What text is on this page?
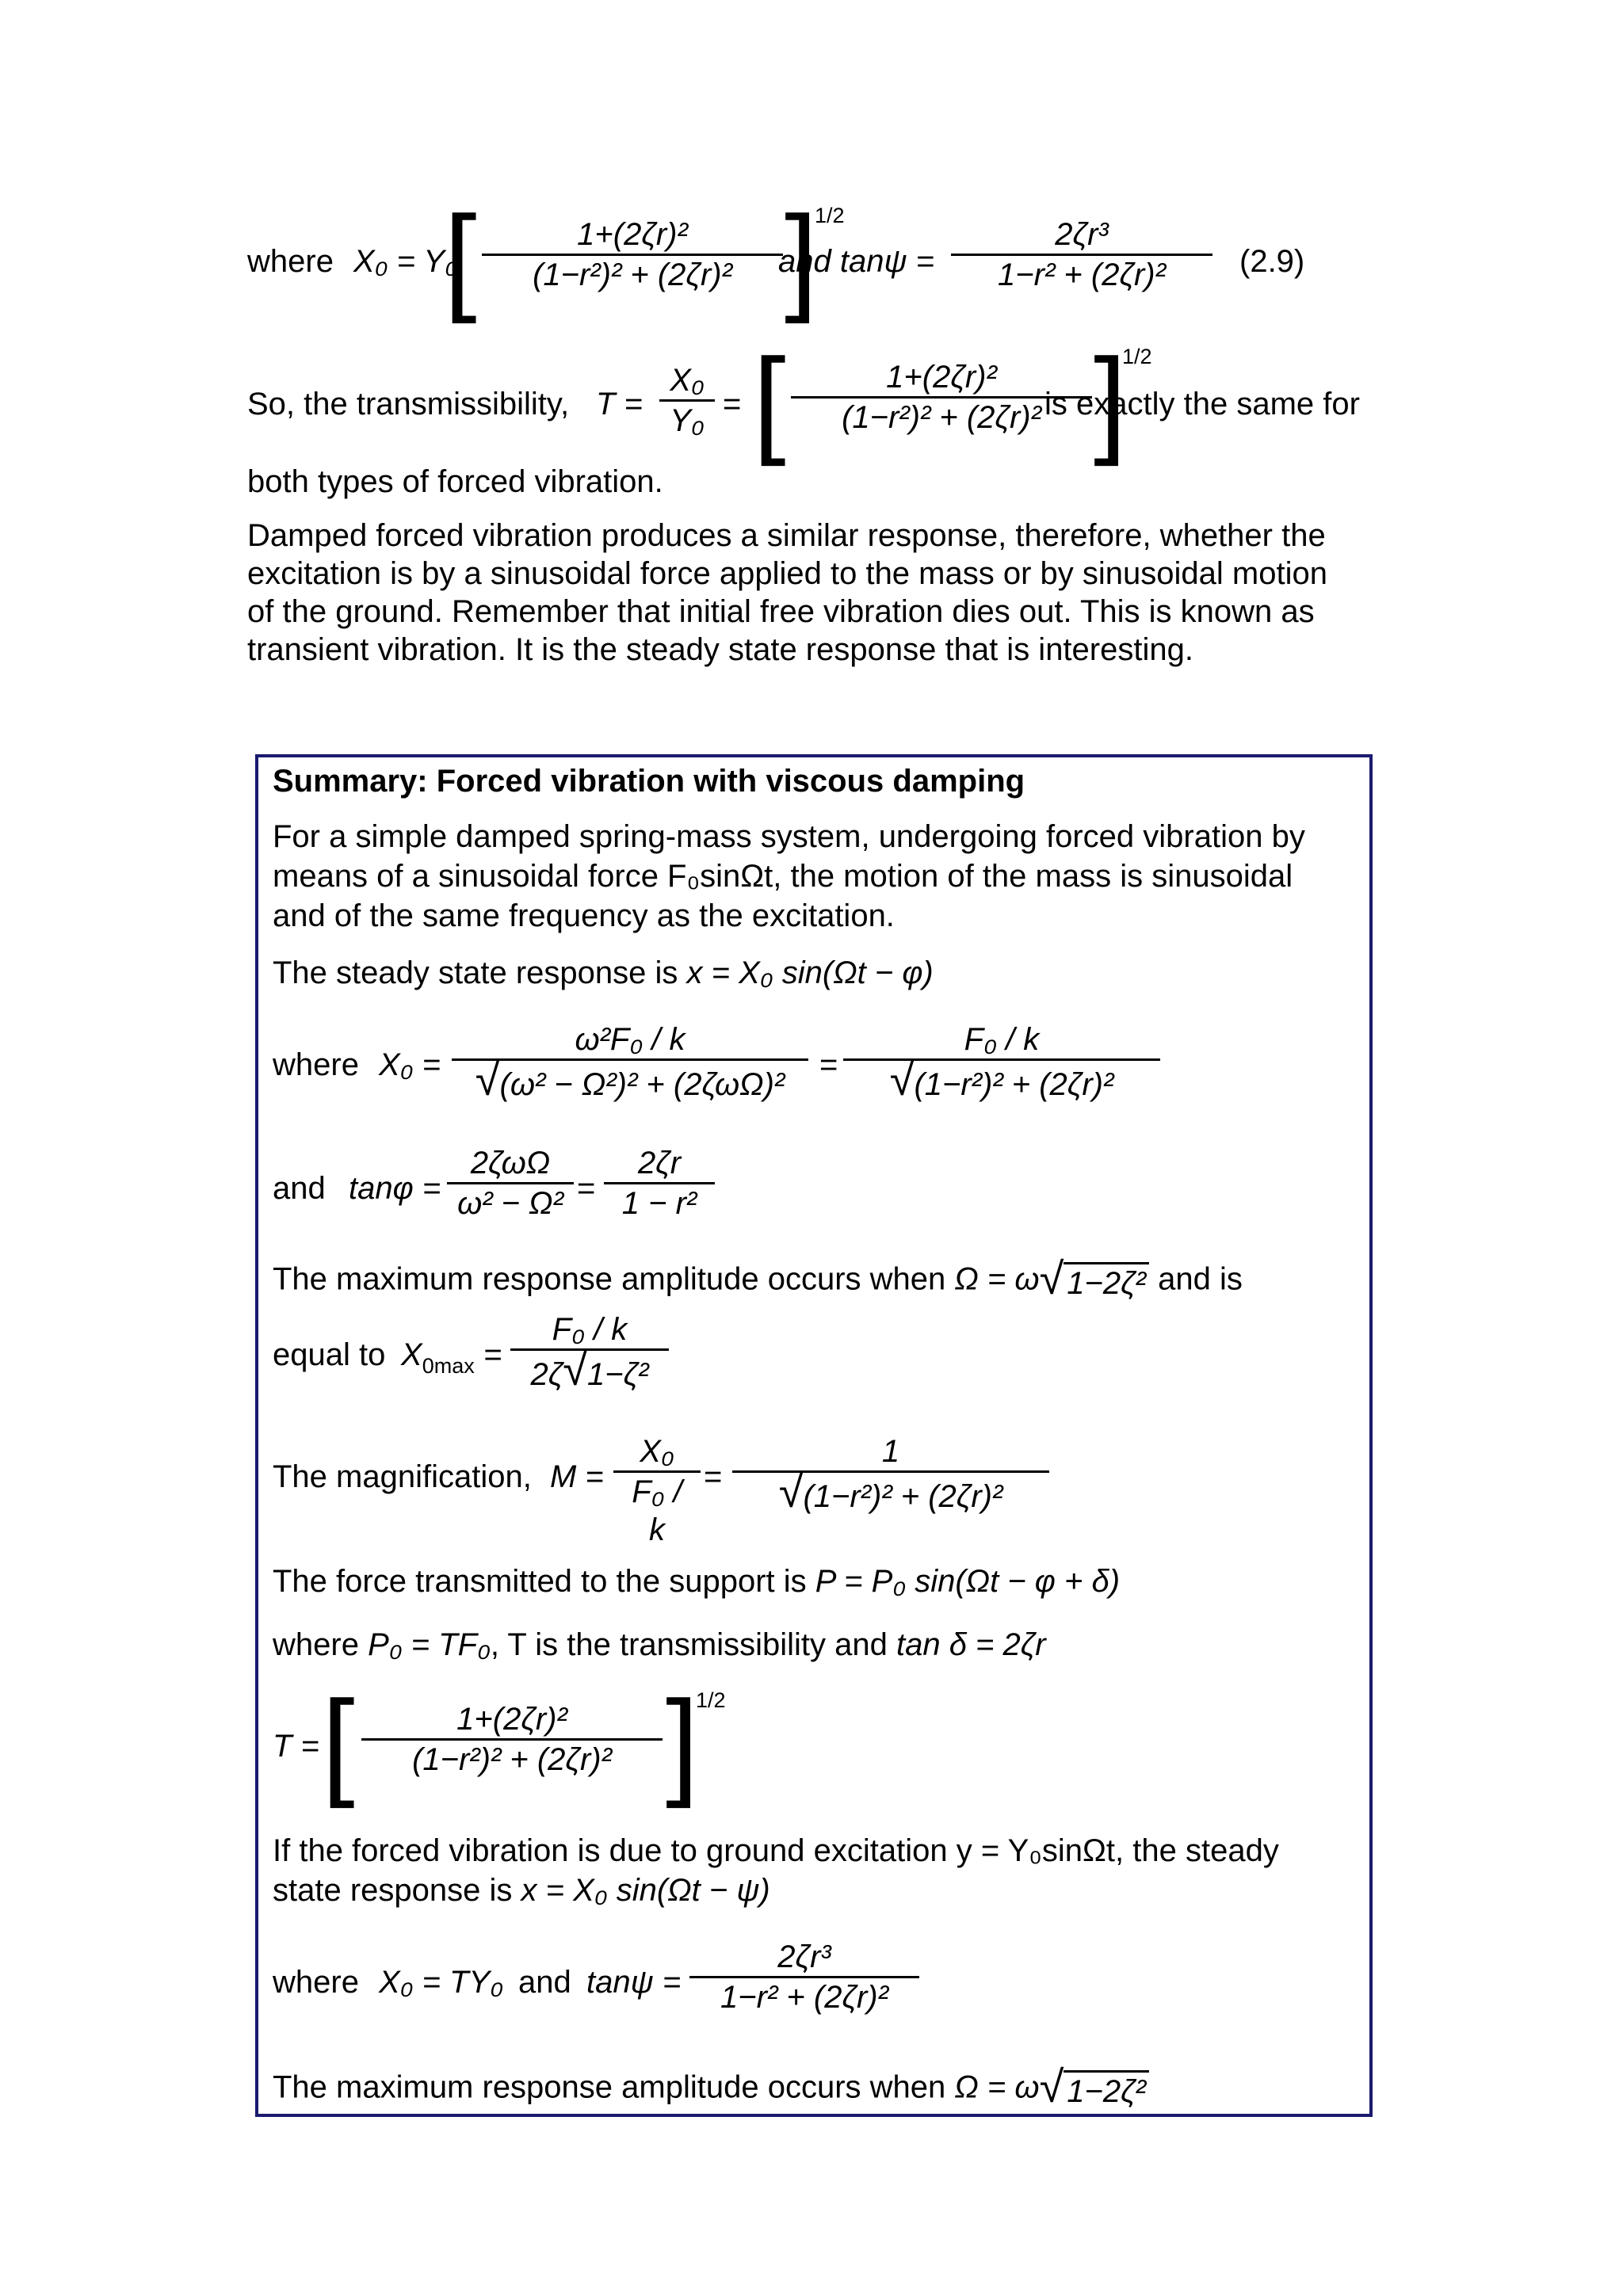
where X₀ = Y₀
[ $\frac{\text{1+(2ζr)²}}{\text{(1−r²)² + (2ζr)²}}$ ]
1/2
and $\tan\psi = \frac{\text{2ζr³}}{\text{1−r² + (2ζr)²}} (2.9)$
So, the transmissibility, $T = \frac{\text{X₀}}{\text{Y₀}}$ = [ $\frac{\text{1+(2ζr)²}}{\text{(1−r²)² + (2ζr)²}}$ ]
1/2
is exactly the same for
both types of forced vibration.
Damped forced vibration produces a similar response, therefore, whether the
excitation is by a sinusoidal force applied to the mass or by sinusoidal motion
of the ground. Remember that initial free vibration dies out. This is known as
transient vibration. It is the steady state response that is interesting.
Summary: Forced vibration with viscous damping
For a simple damped spring-mass system, undergoing forced vibration by
means of a sinusoidal force F₀sinΩt, the motion of the mass is sinusoidal
and of the same frequency as the excitation.
The steady state response is x = X₀ sin(Ωt − φ)
where X₀ =
ω²F₀ / k
√(ω² − Ω²)² + (2ζωΩ)²
= $\frac{\text{F₀ / k}}{\text{√(1−r²)² + (2ζr)²}}$
and tanφ =
2ζωΩ
$\omega^2 - \Omega^2 = \frac{2\zeta r}{\text{1 − r²}}$
The maximum response amplitude occurs when Ω = ω√ 1−2ζ² and is
equal to $X_{0max} = \frac{\text{F₀ / k}}{\text{2ζ√1−ζ²}}$
The magnification, $M = \frac{\text{X₀}}{\text{F₀ / k}} = \frac{1}{\text{√(1−r²)² + (2ζr)²}}$
The force transmitted to the support is P = P₀ sin(Ωt − φ + δ)
where P₀ = TF₀, T is the transmissibility and tan δ = 2ζr
T = [ $\frac{\text{1+(2ζr)²}}{\text{(1−r²)² + (2ζr)²}}$ ]
1/2
If the forced vibration is due to ground excitation y = Y₀sinΩt, the steady
state response is x = X₀ sin(Ωt − ψ)
where X₀ = TY₀ and $\tan\psi = \frac{\text{2ζr³}}{\text{1−r² + (2ζr)²}}$
The maximum response amplitude occurs when Ω = ω√ 1−2ζ²
